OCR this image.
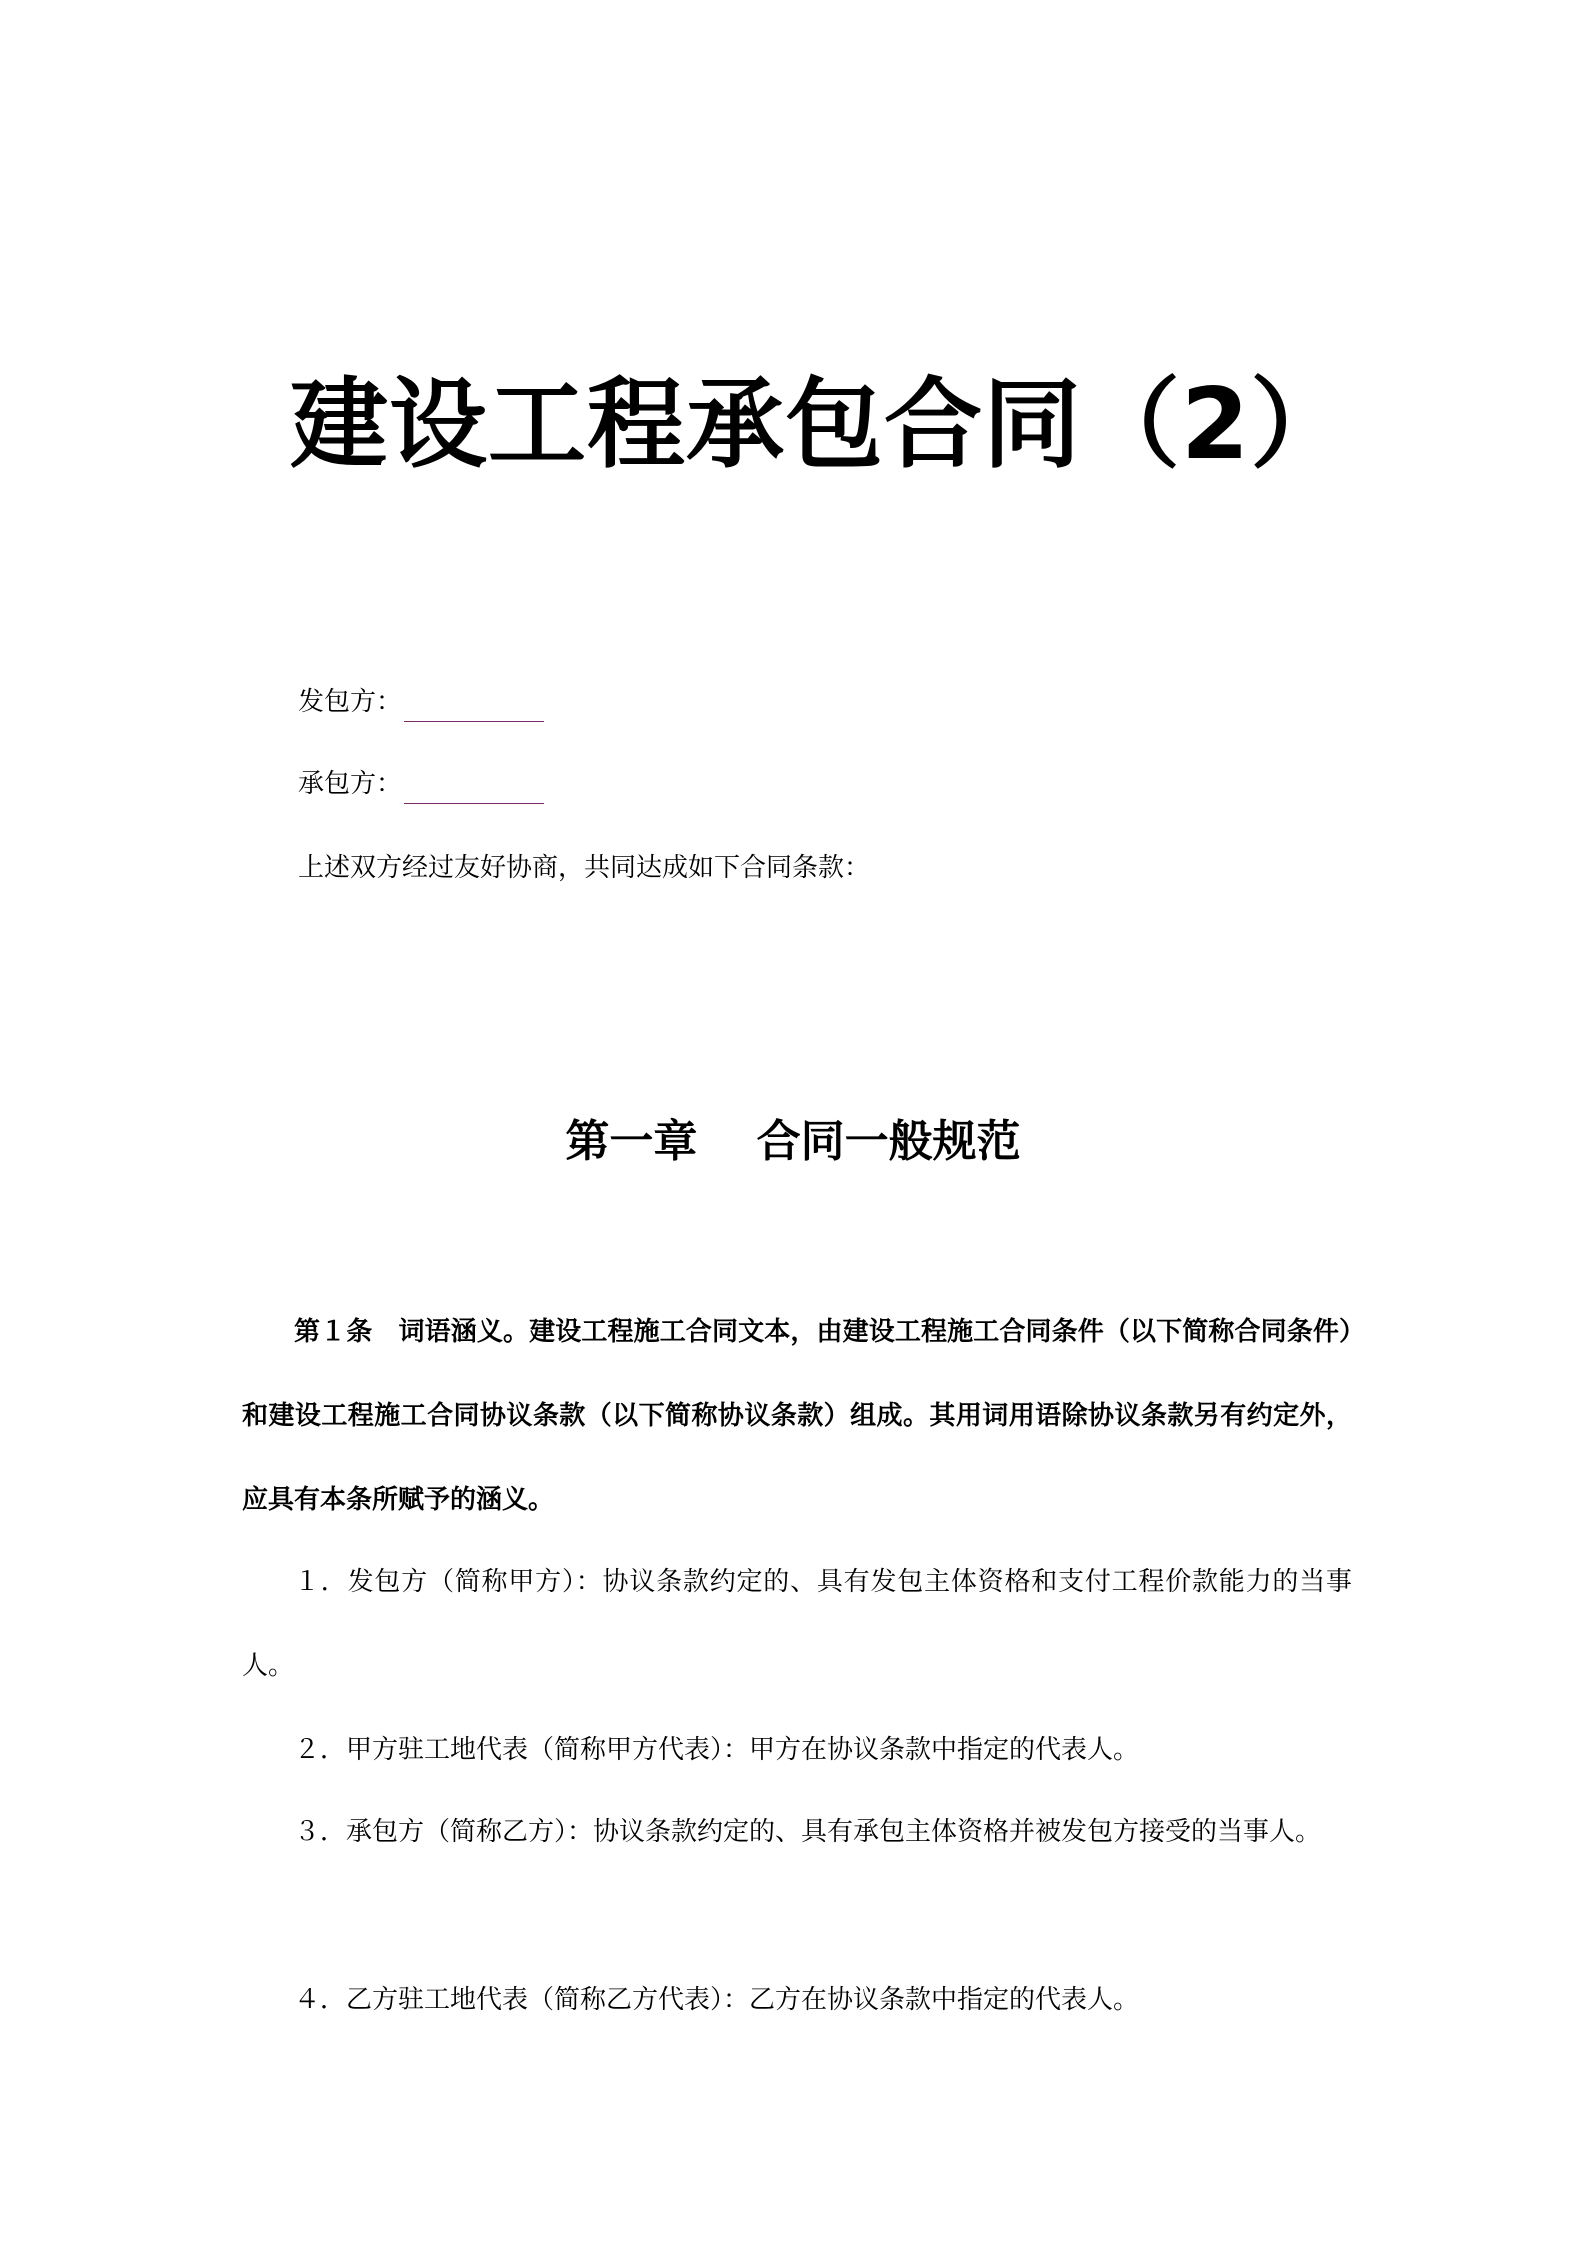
建设工程承包合同（2）
发包方：
承包方：
上述双方经过友好协商，共同达成如下合同条款：
第一章　 合同一般规范
第１条　词语涵义。建设工程施工合同文本，由建设工程施工合同条件（以下简称合同条件）和建设工程施工合同协议条款（以下简称协议条款）组成。其用词用语除协议条款另有约定外，应具有本条所赋予的涵义。
１．发包方（简称甲方）：协议条款约定的、具有发包主体资格和支付工程价款能力的当事人。
２．甲方驻工地代表（简称甲方代表）：甲方在协议条款中指定的代表人。
３．承包方（简称乙方）：协议条款约定的、具有承包主体资格并被发包方接受的当事人。
４．乙方驻工地代表（简称乙方代表）：乙方在协议条款中指定的代表人。
